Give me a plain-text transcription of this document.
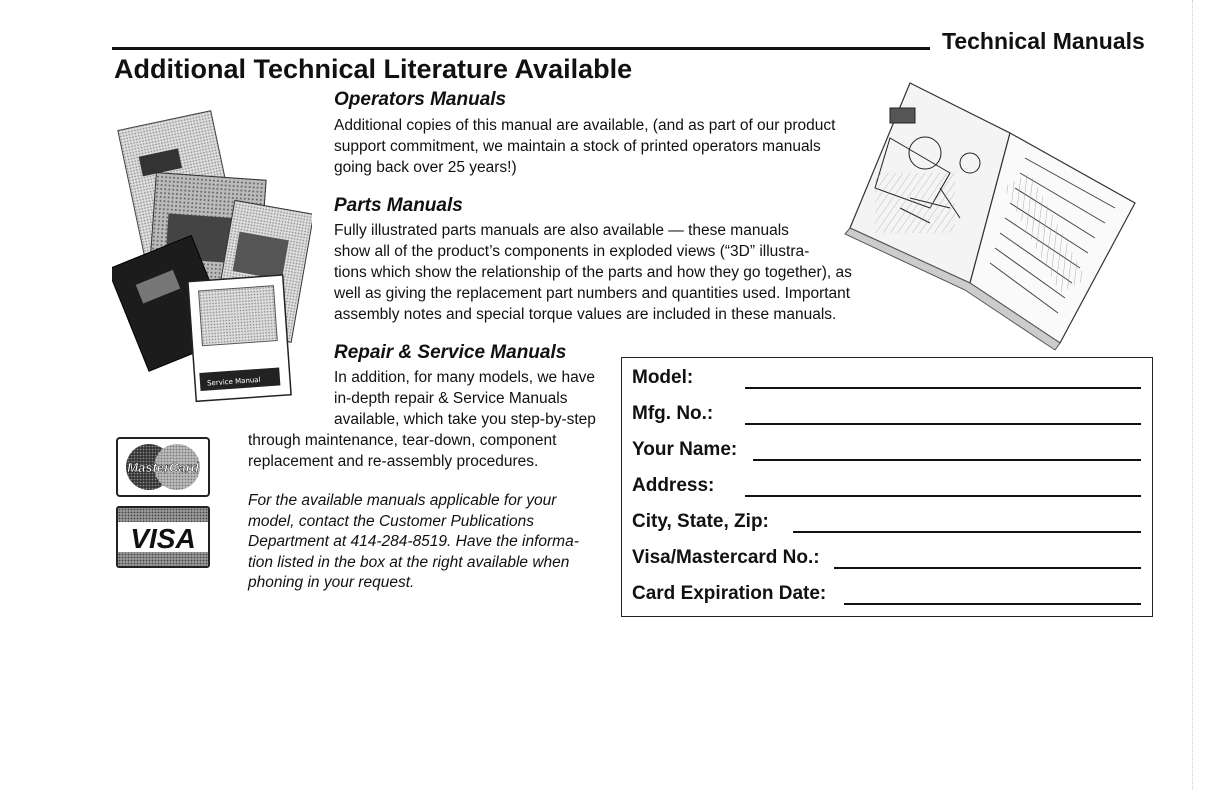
Technical Manuals
Additional Technical Literature Available
Service Manual
Operators Manuals
Additional copies of this manual are available, (and as part of our product
support commitment, we maintain a stock of printed operators manuals
going back over 25 years!)
Parts Manuals
Fully illustrated parts manuals are also available — these manuals
show all of the product’s components in exploded views (“3D” illustra-
tions which show the relationship of the parts and how they go together), as
well as giving the replacement part numbers and quantities used. Important
assembly notes and special torque values are included in these manuals.
Repair & Service Manuals
In addition, for many models, we have
in-depth repair & Service Manuals
available, which take you step-by-step
through maintenance, tear-down, component
replacement and re-assembly procedures.
For the available manuals applicable for your
model, contact the Customer Publications
Department at 414-284-8519. Have the informa-
tion listed in the box at the right available when
phoning in your request.
MasterCard
VISA
Model:
Mfg. No.:
Your Name:
Address:
City, State, Zip:
Visa/Mastercard No.:
Card Expiration Date:
